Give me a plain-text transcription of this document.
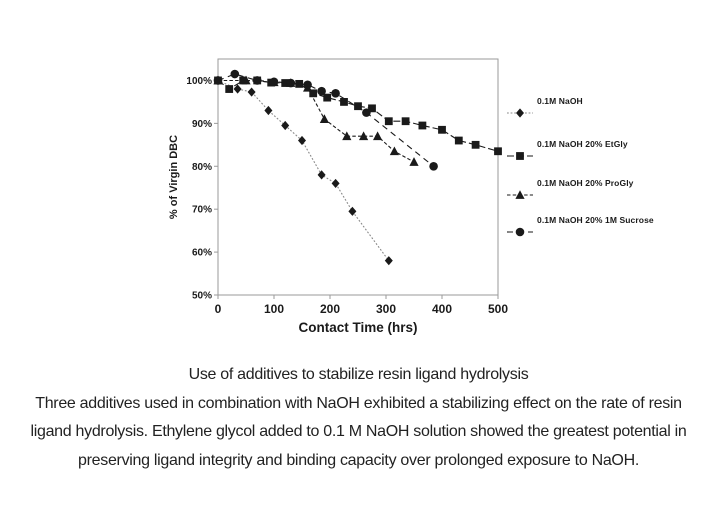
0	100	200	300	400	500
100%
90%
80%
70%
60%
50%
Contact Time (hrs)
% of Virgin DBC
0.1M NaOH
0.1M NaOH 20% EtGly
0.1M NaOH 20% ProGly
0.1M NaOH 20% 1M Sucrose
Use of additives to stabilize resin ligand hydrolysis
Three additives used in combination with NaOH exhibited a stabilizing effect on the rate of resin
ligand hydrolysis. Ethylene glycol added to 0.1 M NaOH solution showed the greatest potential in
preserving ligand integrity and binding capacity over prolonged exposure to NaOH.
